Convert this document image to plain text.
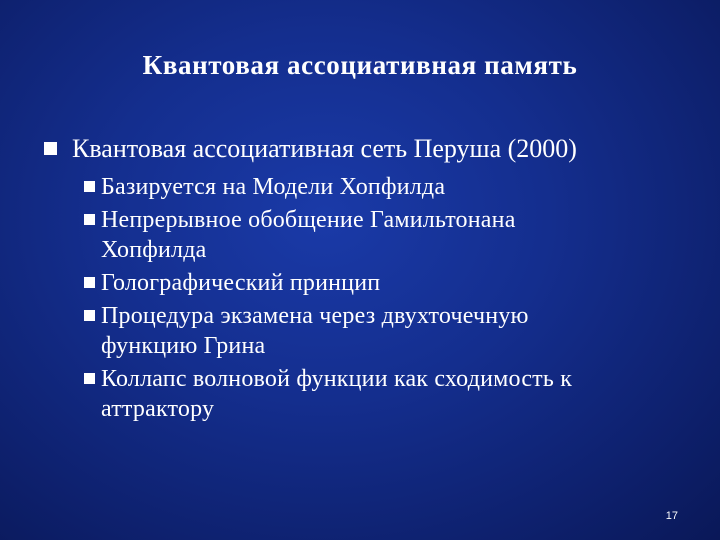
Квантовая ассоциативная память
Квантовая ассоциативная сеть Перуша (2000)
Базируется на Модели Хопфилда
Непрерывное обобщение Гамильтонана Хопфилда
Голографический принцип
Процедура экзамена через двухточечную функцию Грина
Коллапс волновой функции как сходимость к аттрактору
17
